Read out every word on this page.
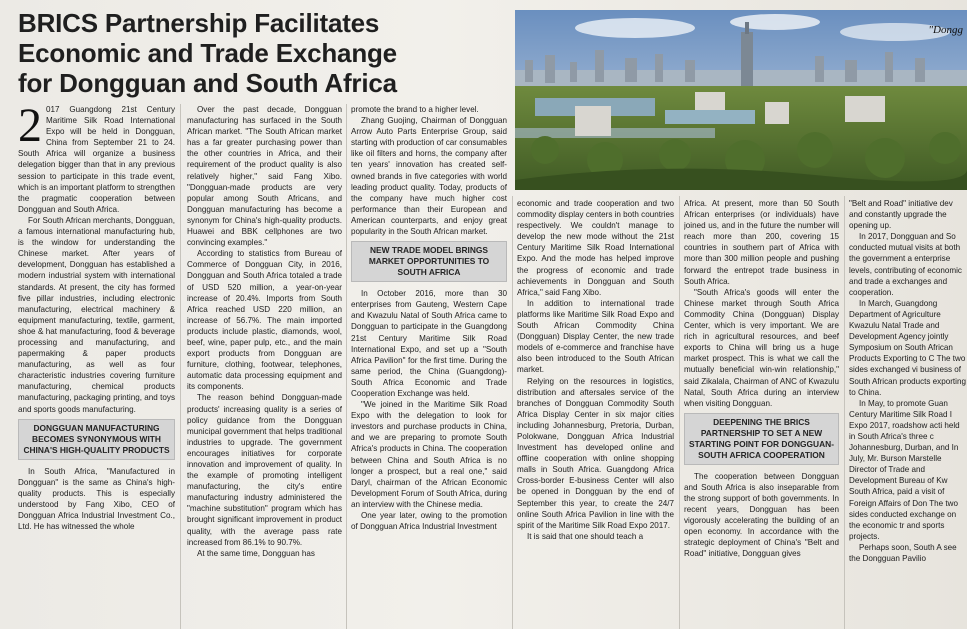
BRICS Partnership Facilitates
Economic and Trade Exchange
for Dongguan and South Africa
"Dongg
2 017 Guangdong 21st Century Maritime Silk Road International Expo will be held in Dongguan, China from September 21 to 24. South Africa will organize a business delegation bigger than that in any previous session to participate in this trade event, which is an important platform to strengthen the pragmatic cooperation between Dongguan and South Africa.

For South African merchants, Dongguan, a famous international manufacturing hub, is the window for understanding the Chinese market. After years of development, Dongguan has established a modern industrial system with international standards. At present, the city has formed five pillar industries, including electronic manufacturing, electrical machinery & equipment manufacturing, textile, garment, shoe & hat manufacturing, food & beverage processing and manufacturing, and papermaking & paper products manufacturing, as well as four characteristic industries covering furniture manufacturing, chemical products manufacturing, packaging printing, and toys and sports goods manufacturing.

DONGGUAN MANUFACTURING BECOMES SYNONYMOUS WITH CHINA'S HIGH-QUALITY PRODUCTS

In South Africa, "Manufactured in Dongguan" is the same as China's high-quality products. This is especially understood by Fang Xibo, CEO of Dongguan Africa Industrial Investment Co., Ltd. He has witnessed the whole

Over the past decade, Dongguan manufacturing has surfaced in the South African market. "The South African market has a far greater purchasing power than the other countries in Africa, and their requirement of the product quality is also relatively higher," said Fang Xibo. "Dongguan-made products are very popular among South Africans, and Dongguan manufacturing has become a synonym for China's high-quality products. Huawei and BBK cellphones are two convincing examples."

According to statistics from Bureau of Commerce of Dongguan City, in 2016, Dongguan and South Africa totaled a trade of USD 520 million, a year-on-year increase of 20.4%. Imports from South Africa reached USD 220 million, an increase of 56.7%. The main imported products include plastic, diamonds, wool, beef, wine, paper pulp, etc., and the main export products from Dongguan are furniture, clothing, footwear, telephones, automatic data processing equipment and its components.

The reason behind Dongguan-made products' increasing quality is a series of policy guidance from the Dongguan municipal government that helps traditional industries to upgrade. The government encourages initiatives for corporate innovation and improvement of quality. In the example of promoting intelligent manufacturing, the city's entire manufacturing industry administered the "machine substitution" program which has brought significant improvement in product quality, with the average pass rate increased from 86.1% to 90.7%.

At the same time, Dongguan has

promote the brand to a higher level.

Zhang Guojing, Chairman of Dongguan Arrow Auto Parts Enterprise Group, said starting with production of car consumables like oil filters and horns, the company after ten years' innovation has created self-owned brands in five categories with world leading product quality. Today, products of the company have much higher cost performance than their European and American counterparts, and enjoy great popularity in the South African market.

NEW TRADE MODEL BRINGS MARKET OPPORTUNITIES TO SOUTH AFRICA

In October 2016, more than 30 enterprises from Gauteng, Western Cape and Kwazulu Natal of South Africa came to Dongguan to participate in the Guangdong 21st Century Maritime Silk Road International Expo, and set up a "South Africa Pavilion" for the first time. During the same period, the China (Guangdong)-South Africa Economic and Trade Cooperation Exchange was held.

"We joined in the Maritime Silk Road Expo with the delegation to look for investors and purchase products in China, and we are preparing to promote South Africa's products in China. The cooperation between China and South Africa is no longer a prospect, but a real one," said Daryl, chairman of the African Economic Development Forum of South Africa, during an interview with the Chinese media.

One year later, owing to the promotion of Dongguan Africa Industrial Investment

economic and trade cooperation and two commodity display centers in both countries respectively. We couldn't manage to develop the new mode without the 21st Century Maritime Silk Road International Expo. And the mode has helped improve the progress of economic and trade achievements in Dongguan and South Africa," said Fang Xibo.

In addition to international trade platforms like Maritime Silk Road Expo and South African Commodity China (Dongguan) Display Center, the new trade models of e-commerce and franchise have also been introduced to the South African market.

Relying on the resources in logistics, distribution and aftersales service of the branches of Dongguan Commodity South Africa Display Center in six major cities including Johannesburg, Pretoria, Durban, Polokwane, Dongguan Africa Industrial Investment has developed online and offline cooperation with online shopping malls in South Africa. Guangdong Africa Cross-border E-business Center will also be opened in Dongguan by the end of September this year, to create the 24/7 online South Africa Pavilion in line with the spirit of the Maritime Silk Road Expo 2017.

It is said that one should teach a

Africa. At present, more than 50 South African enterprises (or individuals) have joined us, and in the future the number will reach more than 200, covering 15 countries in southern part of Africa with more than 300 million people and pushing forward the entrepot trade business in South Africa.

"South Africa's goods will enter the Chinese market through South Africa Commodity China (Dongguan) Display Center, which is very important. We are rich in agricultural resources, and beef exports to China will bring us a huge market prospect. This is what we call the mutually beneficial win-win relationship," said Zikalala, Chairman of ANC of Kwazulu Natal, South Africa during an interview when visiting Dongguan.

DEEPENING THE BRICS PARTNERSHIP TO SET A NEW STARTING POINT FOR DONGGUAN-SOUTH AFRICA COOPERATION

The cooperation between Dongguan and South Africa is also inseparable from the strong support of both governments. In recent years, Dongguan has been vigorously accelerating the building of an open economy. In accordance with the strategic deployment of China's "Belt and Road" initiative, Dongguan gives

"Belt and Road" initiative dev and constantly upgrade the opening up.

In 2017, Dongguan and So conducted mutual visits at both the government a enterprise levels, contributing of economic and trade a exchanges and cooperation.

In March, Guangdong Department of Agriculture Kwazulu Natal Trade and Development Agency jointly Symposium on South African Products Exporting to C The two sides exchanged vi business of South African products exporting to China.

In May, to promote Guan Century Maritime Silk Road I Expo 2017, roadshow acti held in South Africa's three c Johannesburg, Durban, and In July, Mr. Burson Marstelle Director of Trade and Development Bureau of Kw South Africa, paid a visit of Foreign Affairs of Don The two sides conducted exchange on the economic tr and sports projects.

Perhaps soon, South A see the Dongguan Pavilio
